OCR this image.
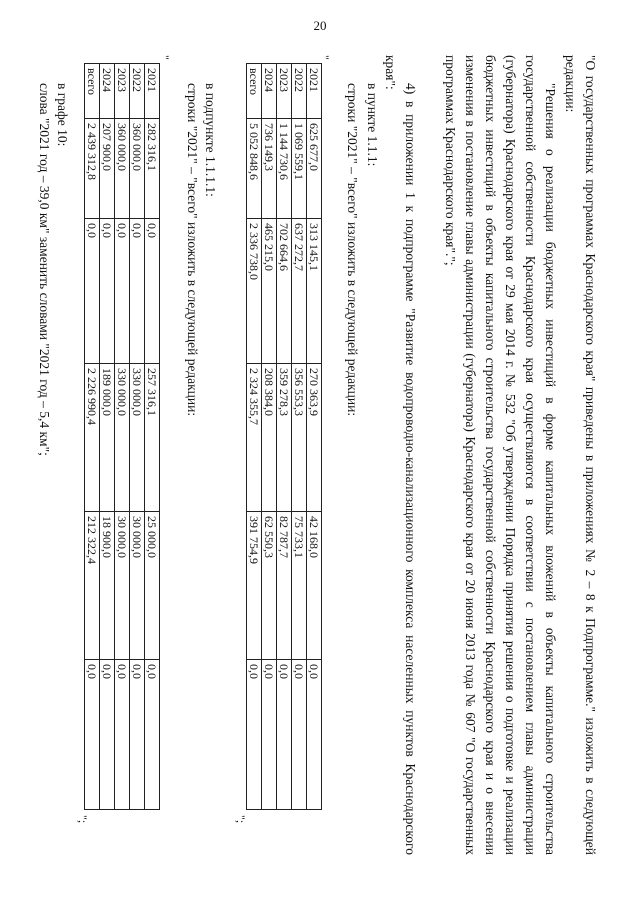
20

"О государственных программах Краснодарского края" приведены в приложениях № 2 – 8 к Подпрограмме." изложить в следующей редакции:

"Решения о реализации бюджетных инвестиций в форме капитальных вложений в объекты капитального строительства государственной собственности Краснодарского края осуществляются в соответствии с постановлением главы администрации (губернатора) Краснодарского края от 29 мая 2014 г. № 532 "Об утверждении Порядка принятия решения о подготовке и реализации бюджетных инвестиций в объекты капитального строительства государственной собственности Краснодарского края и о внесении изменения в постановление главы администрации (губернатора) Краснодарского края от 20 июня 2013 года № 607 "О государственных программах Краснодарского края".";

4) в приложении 1 к подпрограмме "Развитие водопроводно-канализационного комплекса населенных пунктов Краснодарского края":

в пункте 1.1.1:
строки "2021" – "всего" изложить в следующей редакции:
"
2021	625 677,0	313 145,1	270 363,9	42 168,0	0,0
2022	1 069 559,1	637 272,7	356 553,3	75 733,1	0,0
2023	1 144 730,6	702 664,6	359 278,3	82 787,7	0,0
2024	736 149,3	465 215,0	208 384,0	62 550,3	0,0
всего	5 052 848,6	2 336 738,0	2 324 355,7	391 754,9	0,0
";
в подпункте 1.1.1.1:
строки "2021" – "всего" изложить в следующей редакции:
"
2021	282 316,1	0,0	257 316,1	25 000,0	0,0
2022	360 000,0	0,0	330 000,0	30 000,0	0,0
2023	360 000,0	0,0	330 000,0	30 000,0	0,0
2024	207 900,0	0,0	189 000,0	18 900,0	0,0
всего	2 439 312,8	0,0	2 226 990,4	212 322,4	0,0
";
в графе 10:
слова "2021 год – 39,0 км" заменить словами "2021 год – 5,4 км";
